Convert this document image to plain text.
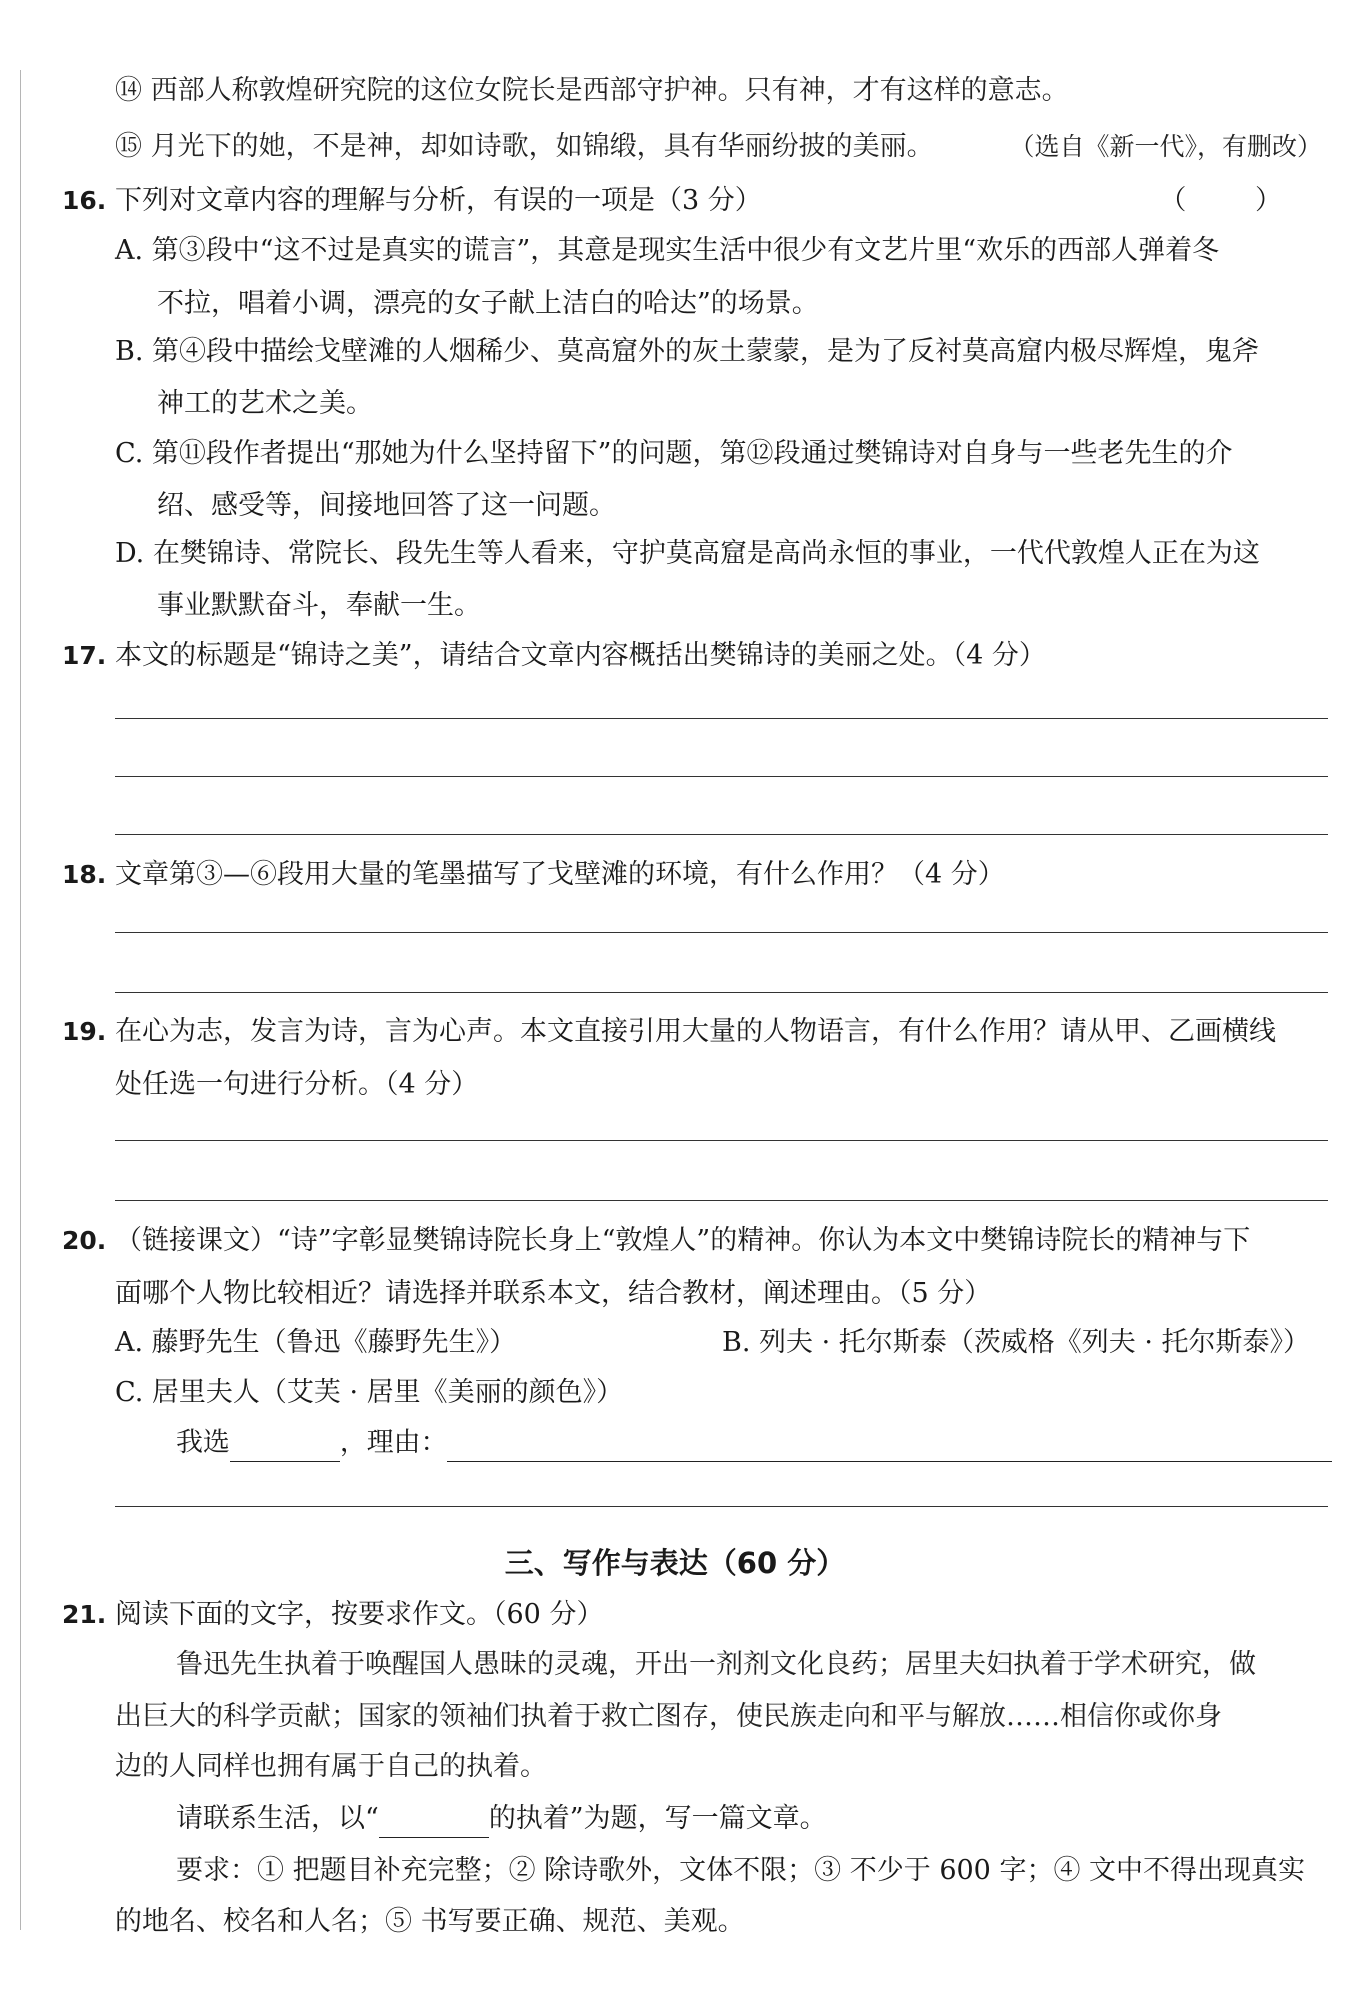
⑭ 西部人称敦煌研究院的这位女院长是西部守护神。只有神，才有这样的意志。
⑮ 月光下的她，不是神，却如诗歌，如锦缎，具有华丽纷披的美丽。	（选自《新一代》，有删改）
16. 下列对文章内容的理解与分析，有误的一项是（3 分）	（ ）
A. 第③段中“这不过是真实的谎言”，其意是现实生活中很少有文艺片里“欢乐的西部人弹着冬
不拉，唱着小调，漂亮的女子献上洁白的哈达”的场景。
B. 第④段中描绘戈壁滩的人烟稀少、莫高窟外的灰土蒙蒙，是为了反衬莫高窟内极尽辉煌，鬼斧
神工的艺术之美。
C. 第⑪段作者提出“那她为什么坚持留下”的问题，第⑫段通过樊锦诗对自身与一些老先生的介
绍、感受等，间接地回答了这一问题。
D. 在樊锦诗、常院长、段先生等人看来，守护莫高窟是高尚永恒的事业，一代代敦煌人正在为这
事业默默奋斗，奉献一生。
17. 本文的标题是“锦诗之美”，请结合文章内容概括出樊锦诗的美丽之处。（4 分）
18. 文章第③—⑥段用大量的笔墨描写了戈壁滩的环境，有什么作用？（4 分）
19. 在心为志，发言为诗，言为心声。本文直接引用大量的人物语言，有什么作用？请从甲、乙画横线
处任选一句进行分析。（4 分）
20. （链接课文）“诗”字彰显樊锦诗院长身上“敦煌人”的精神。你认为本文中樊锦诗院长的精神与下
面哪个人物比较相近？请选择并联系本文，结合教材，阐述理由。（5 分）
A. 藤野先生（鲁迅《藤野先生》）	B. 列夫 · 托尔斯泰（茨威格《列夫 · 托尔斯泰》）
C. 居里夫人（艾芙 · 居里《美丽的颜色》）
我选	，理由：
三、写作与表达（60 分）
21. 阅读下面的文字，按要求作文。（60 分）
鲁迅先生执着于唤醒国人愚昧的灵魂，开出一剂剂文化良药；居里夫妇执着于学术研究，做
出巨大的科学贡献；国家的领袖们执着于救亡图存，使民族走向和平与解放……相信你或你身
边的人同样也拥有属于自己的执着。
请联系生活，以“	的执着”为题，写一篇文章。
要求：① 把题目补充完整；② 除诗歌外，文体不限；③ 不少于 600 字；④ 文中不得出现真实
的地名、校名和人名；⑤ 书写要正确、规范、美观。
